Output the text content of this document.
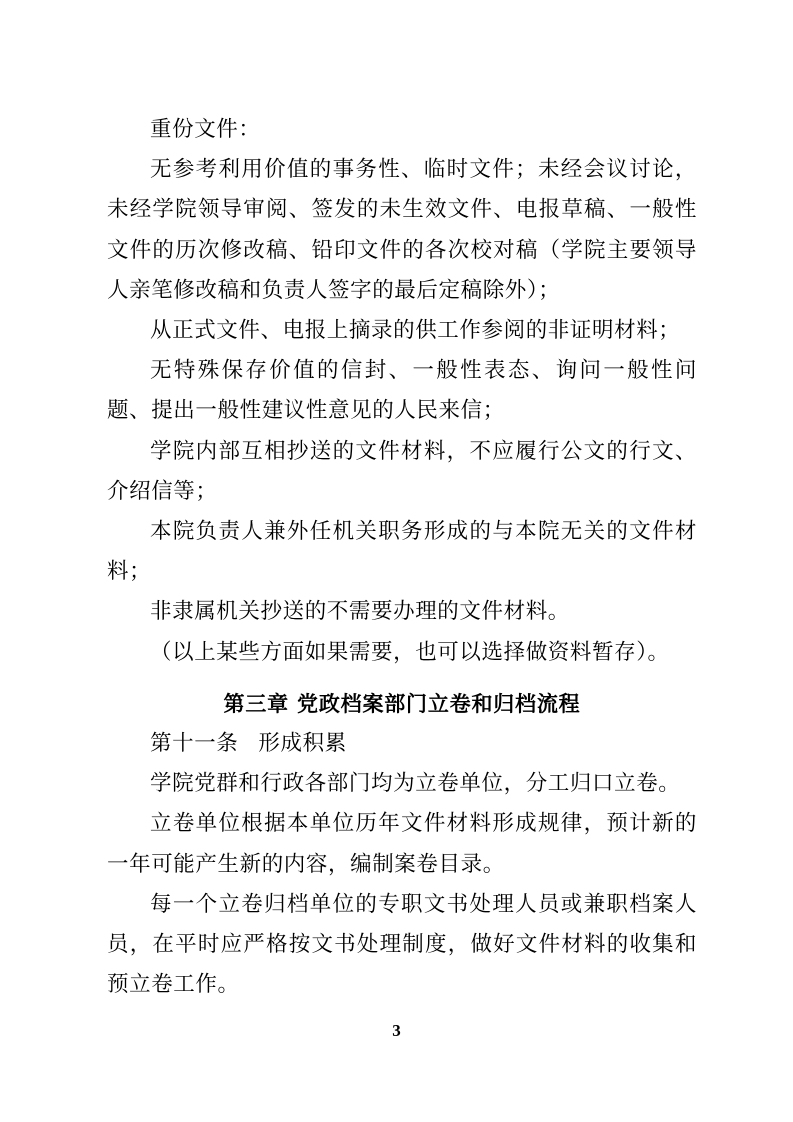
重份文件：

无参考利用价值的事务性、临时文件；未经会议讨论，未经学院领导审阅、签发的未生效文件、电报草稿、一般性文件的历次修改稿、铅印文件的各次校对稿（学院主要领导人亲笔修改稿和负责人签字的最后定稿除外）；

从正式文件、电报上摘录的供工作参阅的非证明材料；

无特殊保存价值的信封、一般性表态、询问一般性问题、提出一般性建议性意见的人民来信；

学院内部互相抄送的文件材料，不应履行公文的行文、介绍信等；

本院负责人兼外任机关职务形成的与本院无关的文件材料；

非隶属机关抄送的不需要办理的文件材料。

（以上某些方面如果需要，也可以选择做资料暂存）。

第三章 党政档案部门立卷和归档流程

第十一条 形成积累

学院党群和行政各部门均为立卷单位，分工归口立卷。

立卷单位根据本单位历年文件材料形成规律，预计新的一年可能产生新的内容，编制案卷目录。

每一个立卷归档单位的专职文书处理人员或兼职档案人员，在平时应严格按文书处理制度，做好文件材料的收集和预立卷工作。

3
